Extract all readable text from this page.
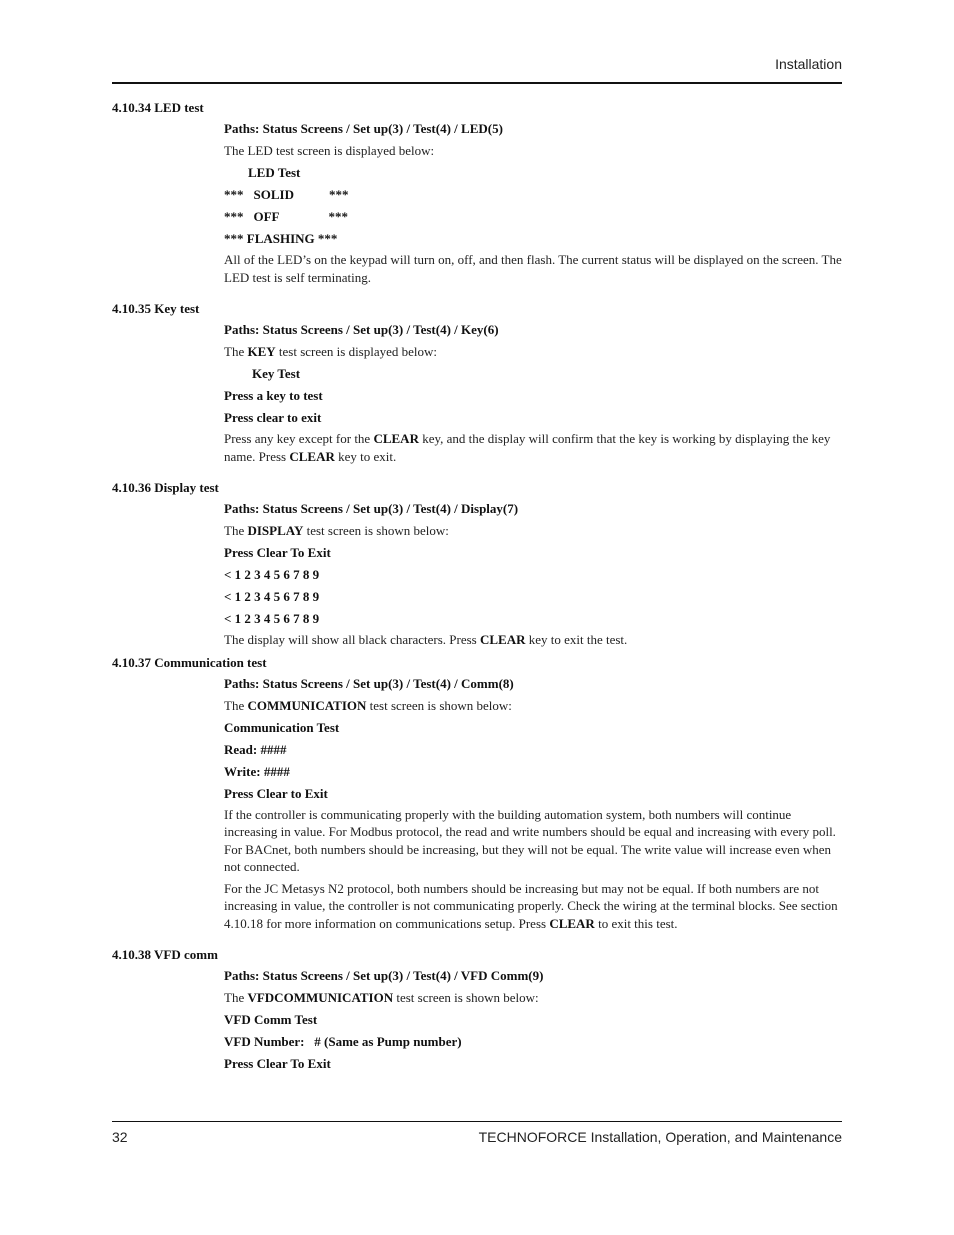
Installation
4.10.34 LED test
Paths: Status Screens / Set up(3) / Test(4) / LED(5)
The LED test screen is displayed below:
LED Test
*** SOLID	***
*** OFF	***
*** FLASHING ***

All of the LED’s on the keypad will turn on, off, and then flash. The current status will be displayed on the screen. The LED test is self terminating.

4.10.35 Key test
Paths: Status Screens / Set up(3) / Test(4) / Key(6)
The KEY test screen is displayed below:
Key Test
Press a key to test
Press clear to exit

Press any key except for the CLEAR key, and the display will confirm that the key is working by displaying the key name. Press CLEAR key to exit.

4.10.36 Display test
Paths: Status Screens / Set up(3) / Test(4) / Display(7)
The DISPLAY test screen is shown below:
Press Clear To Exit
< 1 2 3 4 5 6 7 8 9
< 1 2 3 4 5 6 7 8 9
< 1 2 3 4 5 6 7 8 9

The display will show all black characters. Press CLEAR key to exit the test.

4.10.37 Communication test
Paths: Status Screens / Set up(3) / Test(4) / Comm(8)
The COMMUNICATION test screen is shown below:
Communication Test
Read: ####
Write: ####
Press Clear to Exit

If the controller is communicating properly with the building automation system, both numbers will continue increasing in value. For Modbus protocol, the read and write numbers should be equal and increasing with every poll. For BACnet, both numbers should be increasing, but they will not be equal. The write value will increase even when not connected.

For the JC Metasys N2 protocol, both numbers should be increasing but may not be equal. If both numbers are not increasing in value, the controller is not communicating properly. Check the wiring at the terminal blocks. See section 4.10.18 for more information on communications setup. Press CLEAR to exit this test.

4.10.38 VFD comm
Paths: Status Screens / Set up(3) / Test(4) / VFD Comm(9)
The VFDCOMMUNICATION test screen is shown below:
VFD Comm Test
VFD Number:   # (Same as Pump number)
Press Clear To Exit
32	TECHNOFORCE Installation, Operation, and Maintenance
